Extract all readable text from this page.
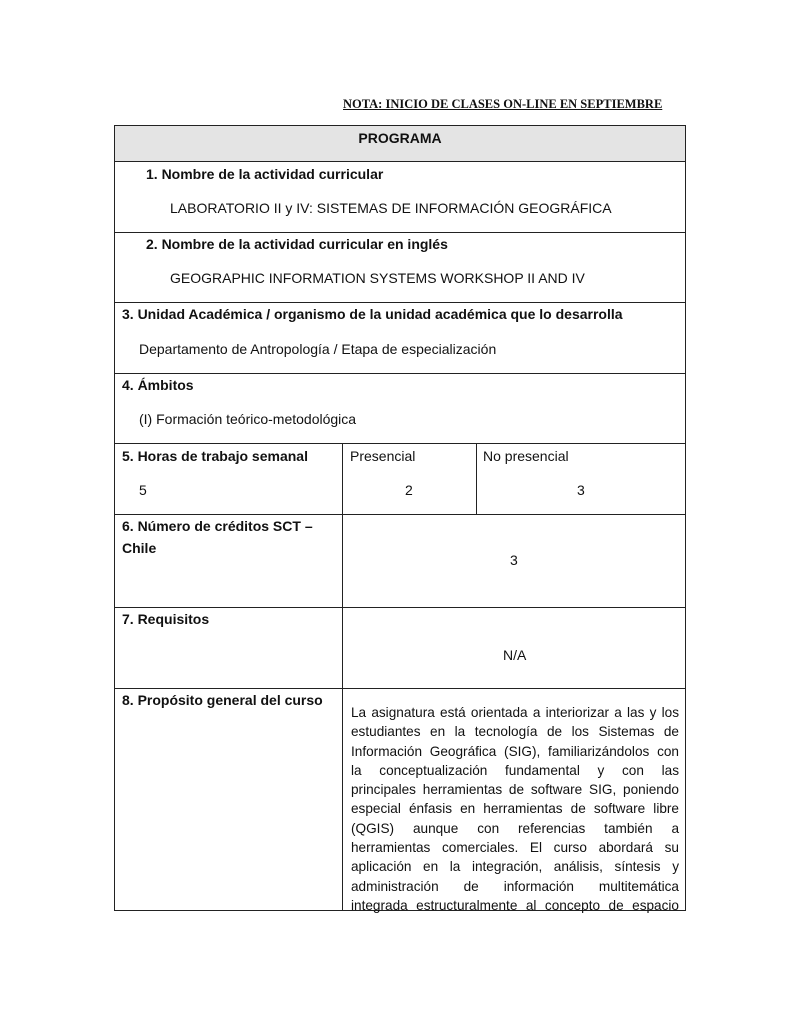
NOTA: INICIO DE CLASES ON-LINE EN SEPTIEMBRE
PROGRAMA
1. Nombre de la actividad curricular
LABORATORIO II y IV: SISTEMAS DE INFORMACIÓN GEOGRÁFICA
2. Nombre de la actividad curricular en inglés
GEOGRAPHIC INFORMATION SYSTEMS WORKSHOP II AND IV
3. Unidad Académica / organismo de la unidad académica que lo desarrolla
Departamento de Antropología / Etapa de especialización
4. Ámbitos
(I) Formación teórico-metodológica
5. Horas de trabajo semanal
5
Presencial
2
No presencial
3
6. Número de créditos SCT –
Chile
3
7. Requisitos
N/A
8. Propósito general del curso
La asignatura está orientada a interiorizar a las y los
estudiantes en la tecnología de los Sistemas de
Información Geográfica (SIG), familiarizándolos con
la conceptualización fundamental y con las
principales herramientas de software SIG, poniendo
especial énfasis en herramientas de software libre
(QGIS) aunque con referencias también a
herramientas comerciales. El curso abordará su
aplicación en la integración, análisis, síntesis y
administración de información multitemática
integrada estructuralmente al concepto de espacio
